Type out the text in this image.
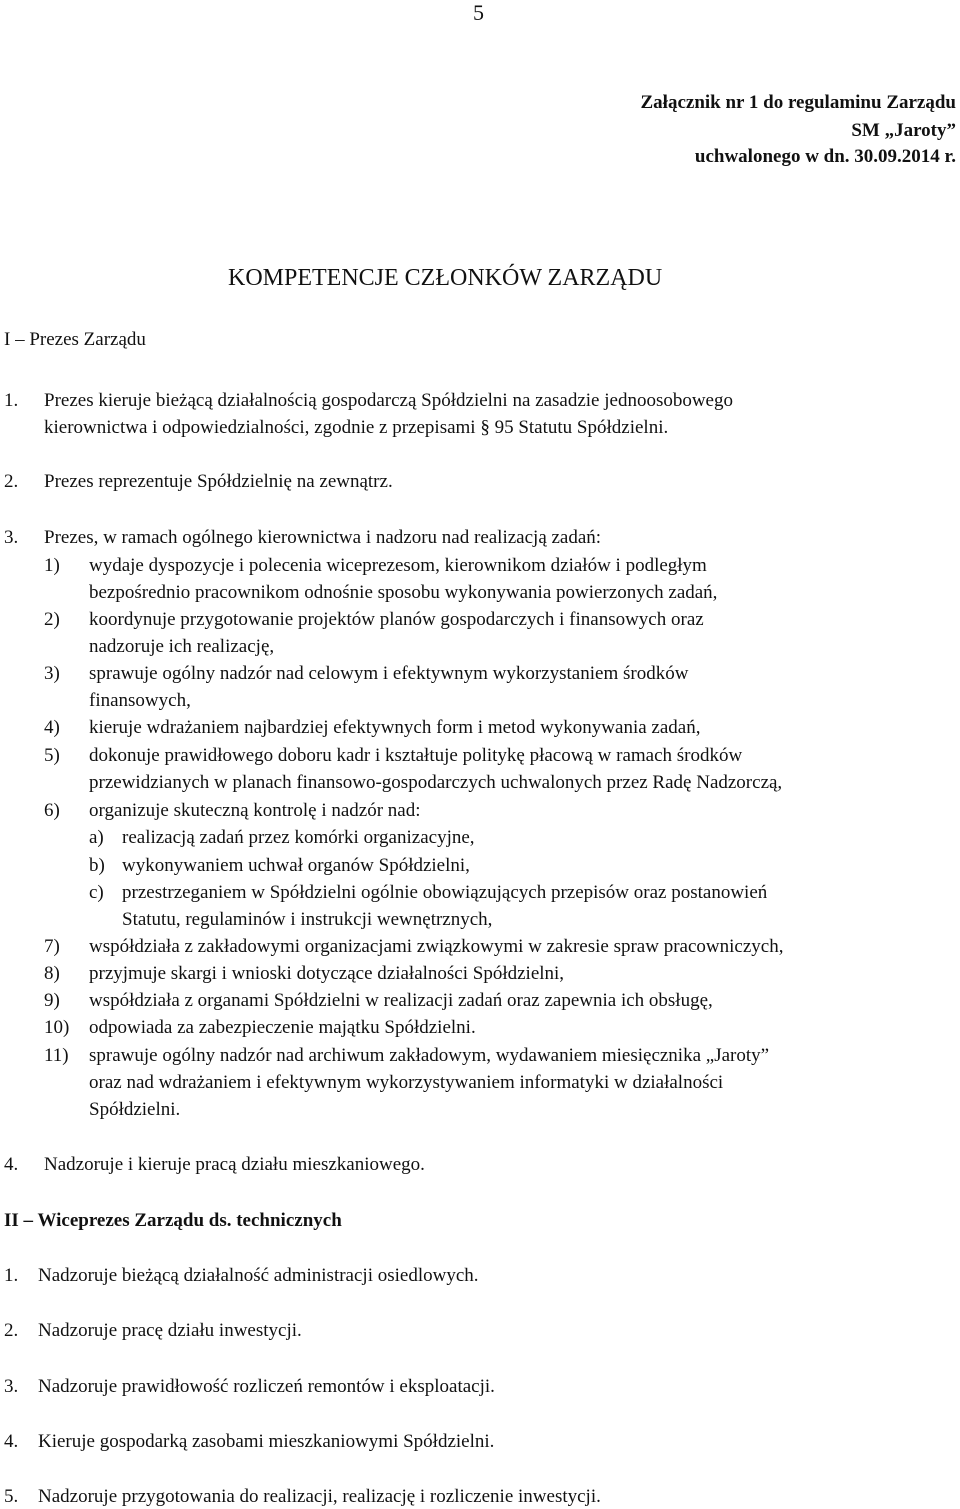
5
Załącznik nr 1 do regulaminu Zarządu
SM „Jaroty”
uchwalonego w dn. 30.09.2014 r.
KOMPETENCJE CZŁONKÓW ZARZĄDU
I – Prezes Zarządu
1. Prezes kieruje bieżącą działalnością gospodarczą Spółdzielni na zasadzie jednoosobowego
kierownictwa i odpowiedzialności, zgodnie z przepisami § 95 Statutu Spółdzielni.
2. Prezes reprezentuje Spółdzielnię na zewnątrz.
3. Prezes, w ramach ogólnego kierownictwa i nadzoru nad realizacją zadań:
1) wydaje dyspozycje i polecenia wiceprezesom, kierownikom działów i podległym
bezpośrednio pracownikom odnośnie sposobu wykonywania powierzonych zadań,
2) koordynuje przygotowanie projektów planów gospodarczych i finansowych oraz
nadzoruje ich realizację,
3) sprawuje ogólny nadzór nad celowym i efektywnym wykorzystaniem środków
finansowych,
4) kieruje wdrażaniem najbardziej efektywnych form i metod wykonywania zadań,
5) dokonuje prawidłowego doboru kadr i kształtuje politykę płacową w ramach środków
przewidzianych w planach finansowo-gospodarczych uchwalonych przez Radę Nadzorczą,
6) organizuje skuteczną kontrolę i nadzór nad:
a) realizacją zadań przez komórki organizacyjne,
b) wykonywaniem uchwał organów Spółdzielni,
c) przestrzeganiem w Spółdzielni ogólnie obowiązujących przepisów oraz postanowień
Statutu, regulaminów i instrukcji wewnętrznych,
7) współdziała z zakładowymi organizacjami związkowymi w zakresie spraw pracowniczych,
8) przyjmuje skargi i wnioski dotyczące działalności Spółdzielni,
9) współdziała z organami Spółdzielni w realizacji zadań oraz zapewnia ich obsługę,
10) odpowiada za zabezpieczenie majątku Spółdzielni.
11) sprawuje ogólny nadzór nad archiwum zakładowym, wydawaniem miesięcznika „Jaroty”
oraz nad wdrażaniem i efektywnym wykorzystywaniem informatyki w działalności
Spółdzielni.
4. Nadzoruje i kieruje pracą działu mieszkaniowego.
II – Wiceprezes Zarządu ds. technicznych
1. Nadzoruje bieżącą działalność administracji osiedlowych.
2. Nadzoruje pracę działu inwestycji.
3. Nadzoruje prawidłowość rozliczeń remontów i eksploatacji.
4. Kieruje gospodarką zasobami mieszkaniowymi Spółdzielni.
5. Nadzoruje przygotowania do realizacji, realizację i rozliczenie inwestycji.
